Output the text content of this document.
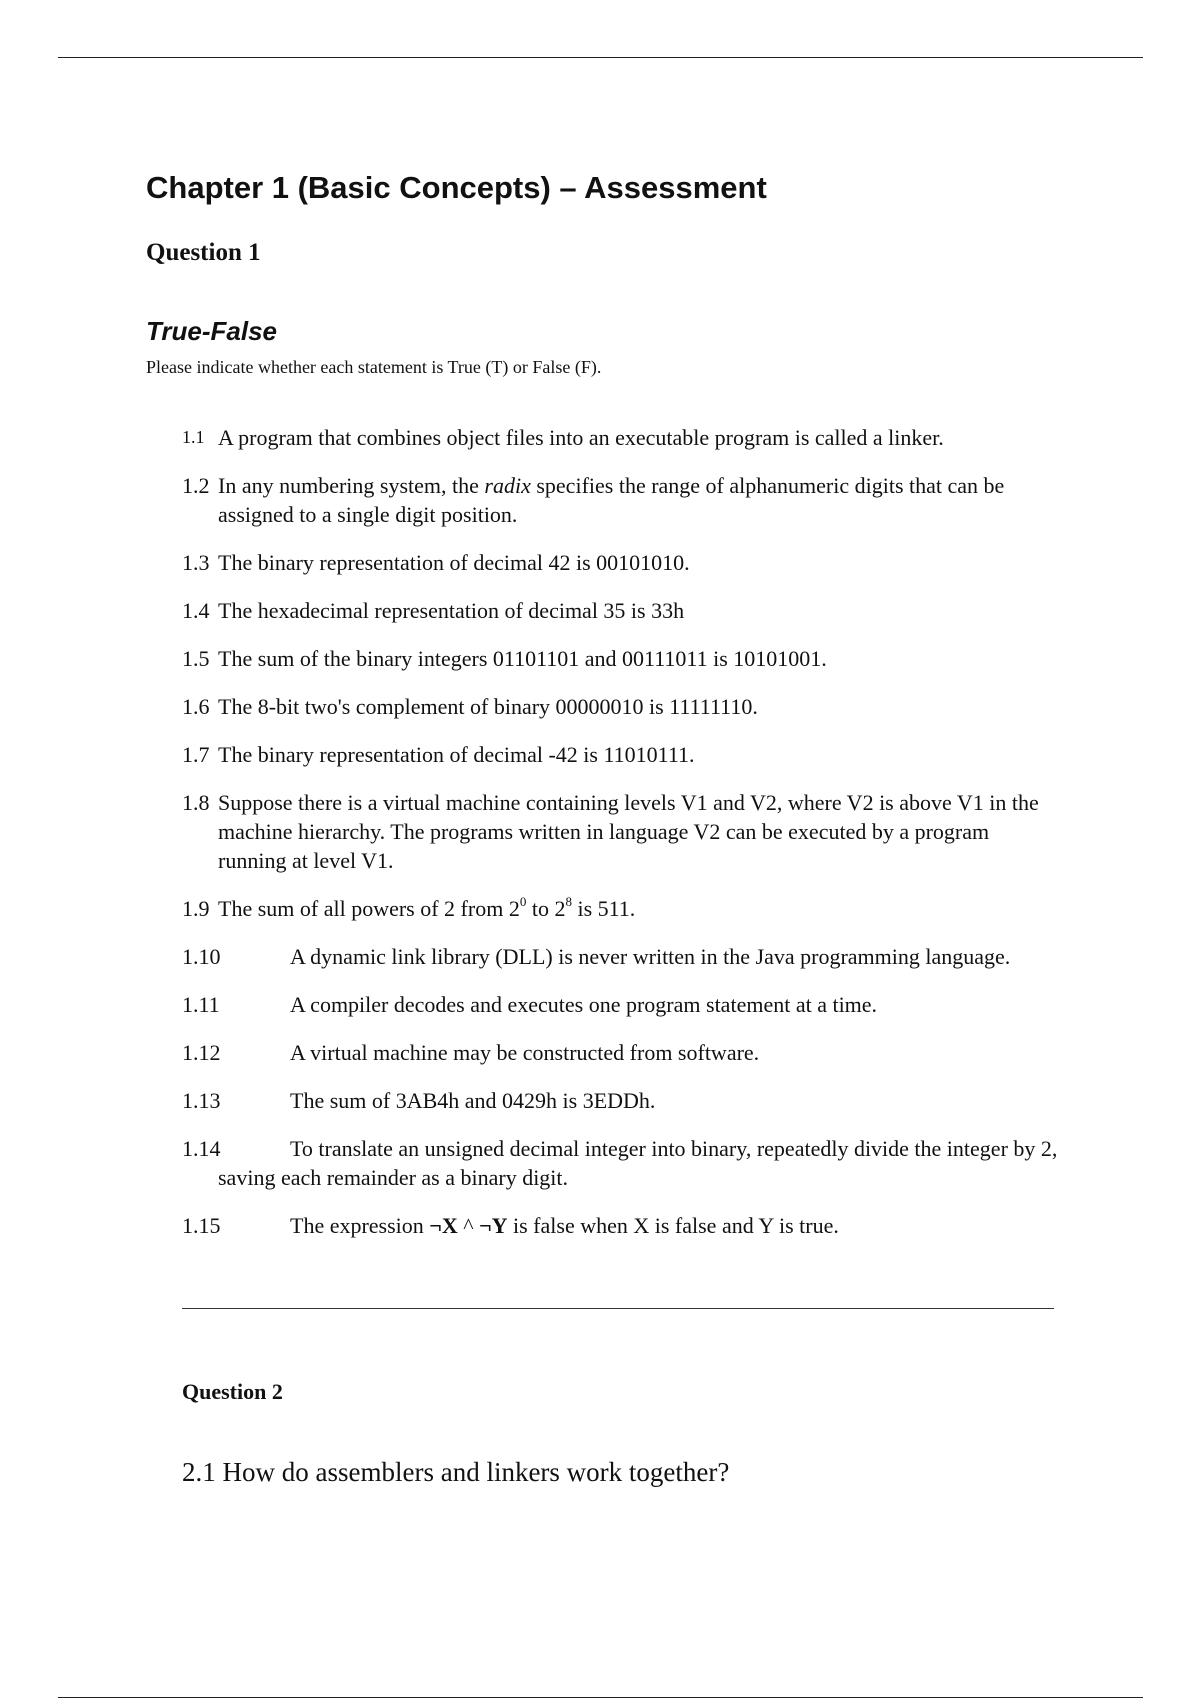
Chapter 1 (Basic Concepts) – Assessment
Question 1
True-False

Please indicate whether each statement is True (T) or False (F).

1.1 A program that combines object files into an executable program is called a linker.
1.2 In any numbering system, the radix specifies the range of alphanumeric digits that can be assigned to a single digit position.
1.3 The binary representation of decimal 42 is 00101010.
1.4 The hexadecimal representation of decimal 35 is 33h
1.5 The sum of the binary integers 01101101 and 00111011 is 10101001.
1.6 The 8-bit two's complement of binary 00000010 is 11111110.
1.7 The binary representation of decimal -42 is 11010111.
1.8 Suppose there is a virtual machine containing levels V1 and V2, where V2 is above V1 in the machine hierarchy. The programs written in language V2 can be executed by a program running at level V1.
1.9 The sum of all powers of 2 from $2^0$ to $2^8$ is 511.
1.10	A dynamic link library (DLL) is never written in the Java programming language.
1.11	A compiler decodes and executes one program statement at a time.
1.12	A virtual machine may be constructed from software.
1.13	The sum of 3AB4h and 0429h is 3EDDh.
1.14	To translate an unsigned decimal integer into binary, repeatedly divide the integer by 2, saving each remainder as a binary digit.
1.15	The expression ¬X ^ ¬Y is false when X is false and Y is true.
Question 2

2.1 How do assemblers and linkers work together?
